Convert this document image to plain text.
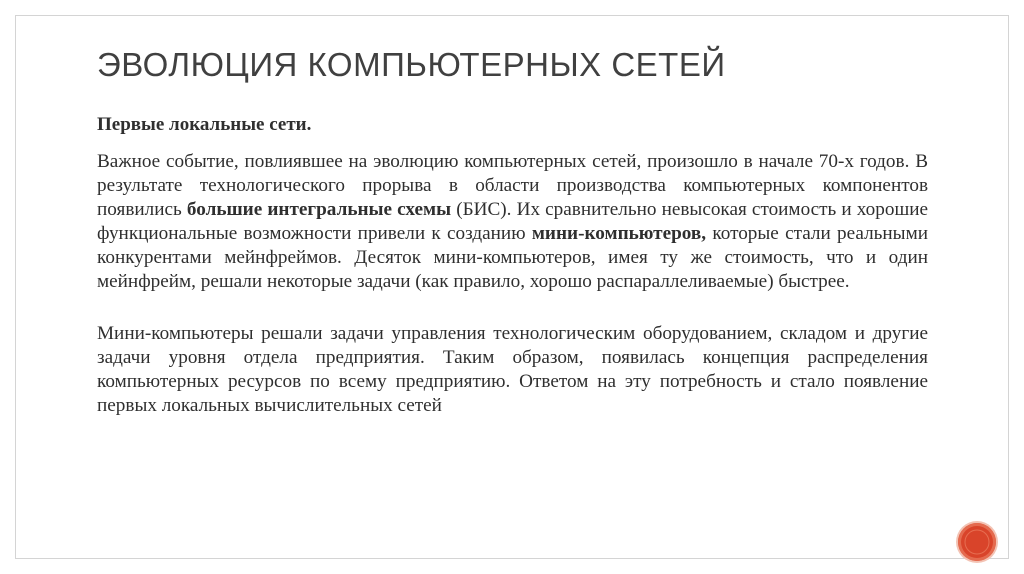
ЭВОЛЮЦИЯ КОМПЬЮТЕРНЫХ СЕТЕЙ

Первые локальные сети.

Важное событие, повлиявшее на эволюцию компьютерных сетей, произошло в начале 70-х годов. В результате технологического прорыва в области производства компьютерных компонентов появились большие интегральные схемы (БИС). Их сравнительно невысокая стоимость и хорошие функциональные возможности привели к созданию мини-компьютеров, которые стали реальными конкурентами мейнфреймов. Десяток мини-компьютеров, имея ту же стоимость, что и один мейнфрейм, решали некоторые задачи (как правило, хорошо распараллеливаемые) быстрее.

Мини-компьютеры решали задачи управления технологическим оборудованием, складом и другие задачи уровня отдела предприятия. Таким образом, появилась концепция распределения компьютерных ресурсов по всему предприятию. Ответом на эту потребность и стало появление первых локальных вычислительных сетей
